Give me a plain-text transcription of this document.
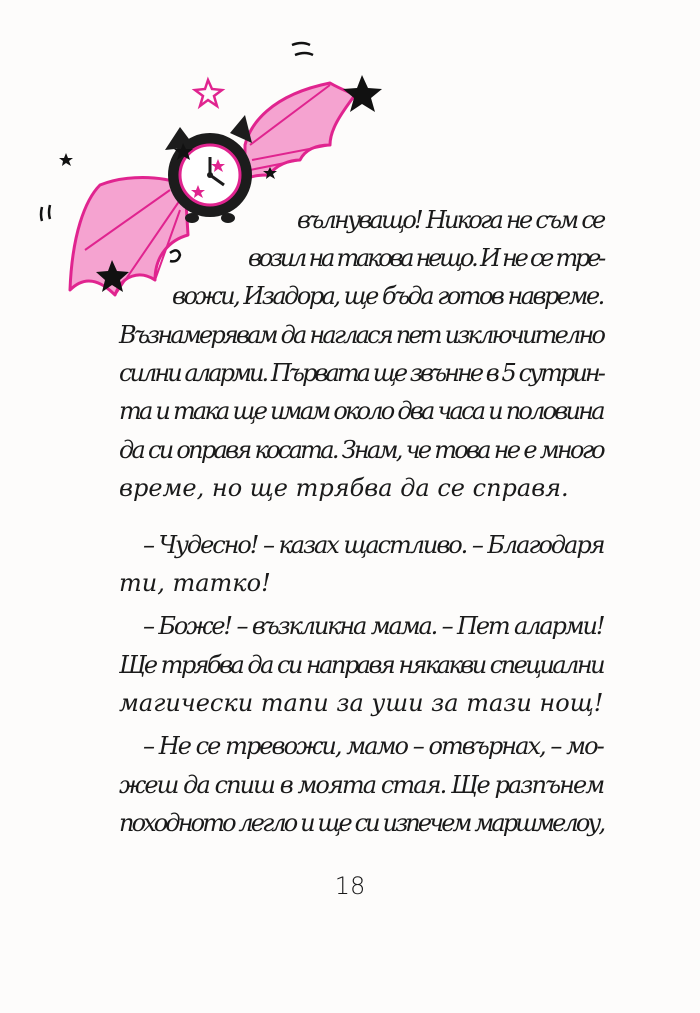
вълнуващо! Никога не съм се
возил на такова нещо. И не се тре-
вожи, Изадора, ще бъда готов навреме.
Възнамерявам да наглася пет изключително
силни аларми. Първата ще звънне в 5 сутрин-
та и така ще имам около два часа и половина
да си оправя косата. Знам, че това не е много
време, но ще трябва да се справя.
– Чудесно! – казах щастливо. – Благодаря
ти, татко!
– Боже! – възкликна мама. – Пет аларми!
Ще трябва да си направя някакви специални
магически тапи за уши за тази нощ!
– Не се тревожи, мамо – отвърнах, – мо-
жеш да спиш в моята стая. Ще разпънем
походното легло и ще си изпечем маршмелоу,
18
